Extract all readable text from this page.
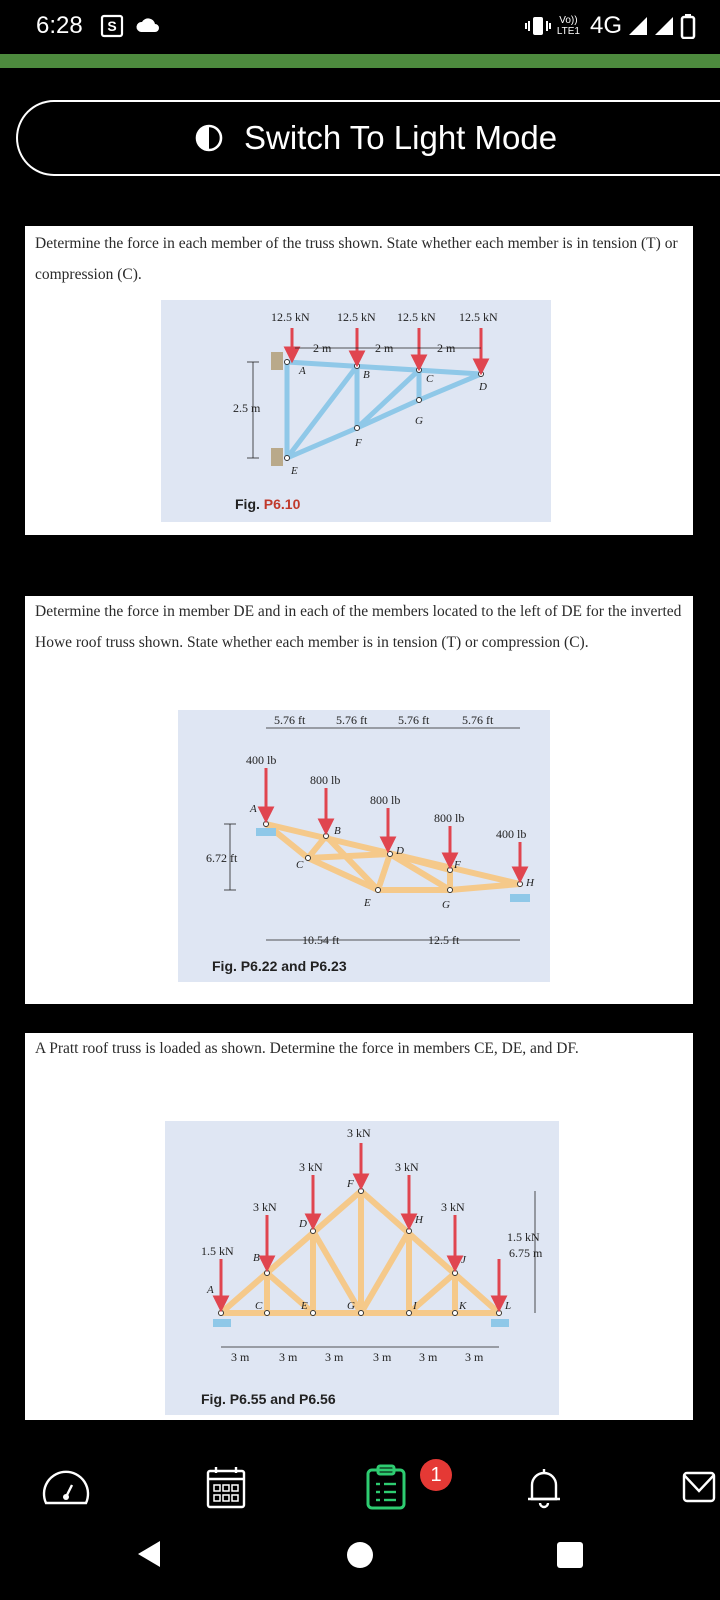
6:28 S	Vo))
LTE1 4G
Switch To Light Mode

Determine the force in each member of the truss shown. State whether each member is in tension (T) or compression (C).

12.5 kN 12.5 kN 12.5 kN 12.5 kN
2 m	2 m	2 m
2.5 m
A	B	C
D
E
F
G
Fig. P6.10

Determine the force in member DE and in each of the members located to the left of DE for the inverted Howe roof truss shown. State whether each member is in tension (T) or compression (C).

5.76 ft	5.76 ft	5.76 ft	5.76 ft
400 lb
800 lb
800 lb
800 lb
400 lb
6.72 ft
10.54 ft	12.5 ft
A
B
C
D
E
F
G
H
Fig. P6.22 and P6.23

A Pratt roof truss is loaded as shown. Determine the force in members CE, DE, and DF.

1.5 kN
3 kN
3 kN
3 kN
3 kN
3 kN
1.5 kN
3 m 3 m 3 m 3 m 3 m 3 m
6.75 m
A
B
C
D
E
F
G
H
I
J
K	L
Fig. P6.55 and P6.56
1
